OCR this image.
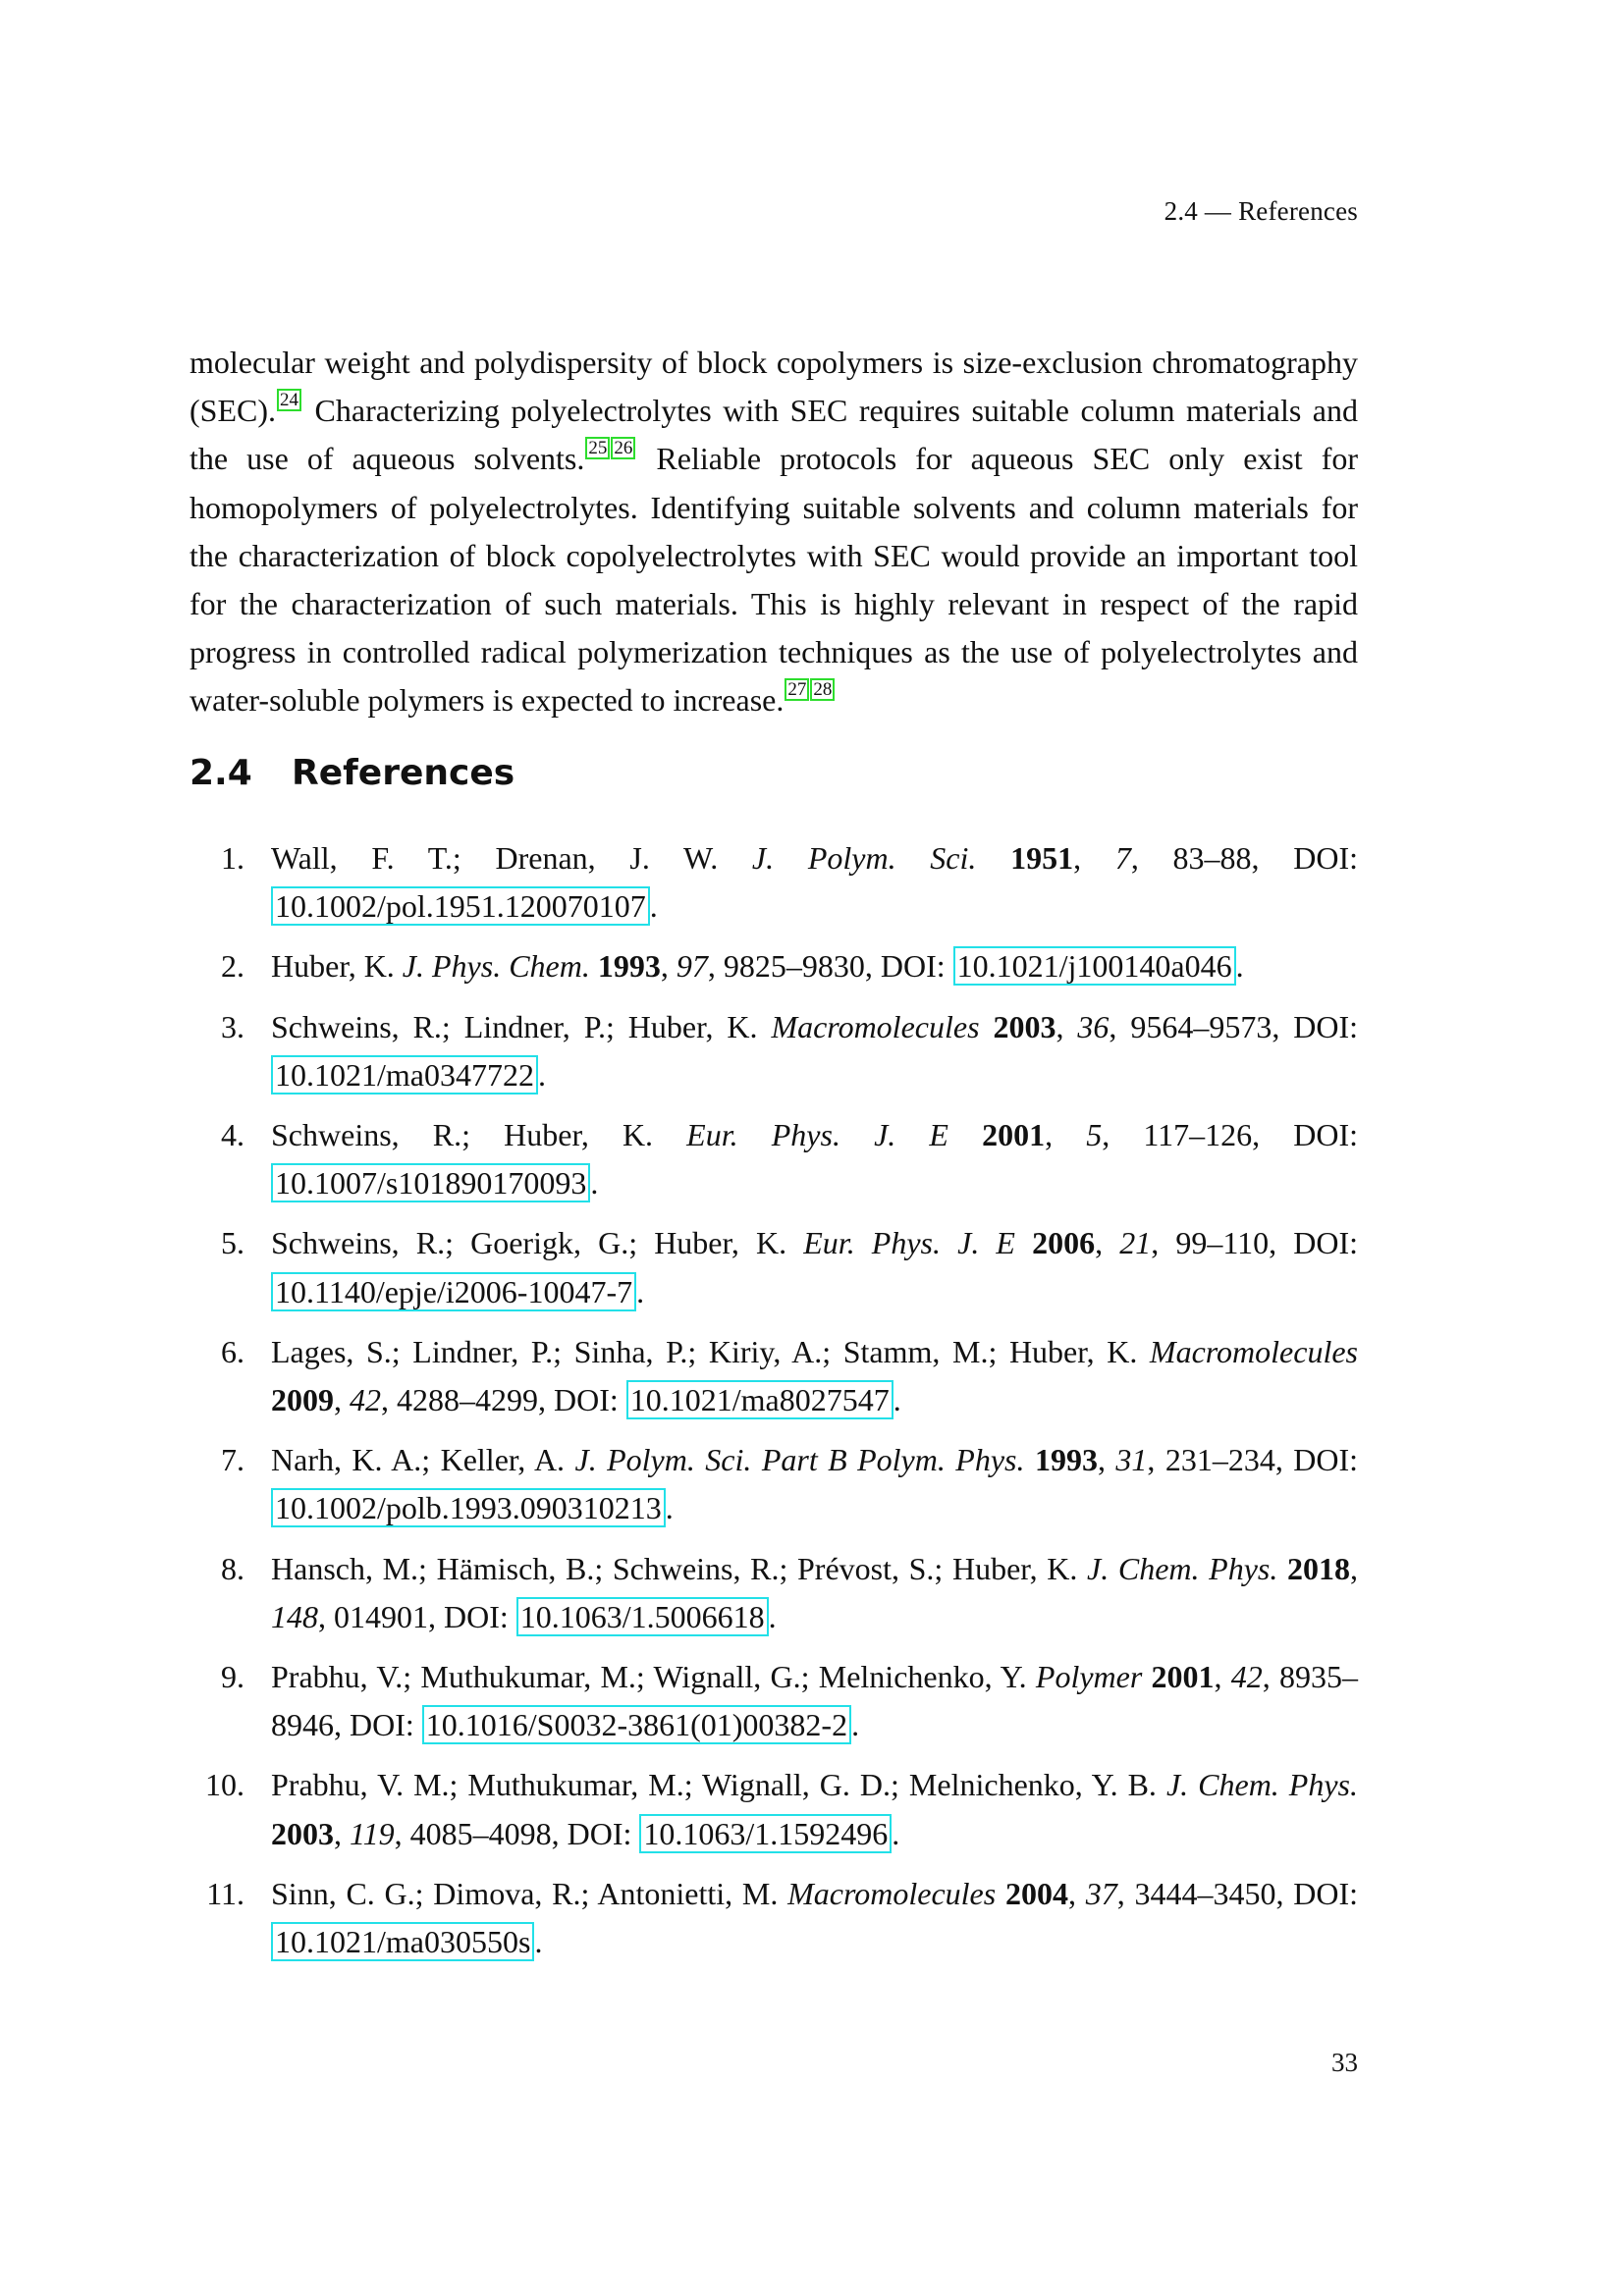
2.4 — References

molecular weight and polydispersity of block copolymers is size-exclusion chromatography (SEC). 24 Characterizing polyelectrolytes with SEC requires suitable column materials and the use of aqueous solvents. 25 26 Reliable protocols for aqueous SEC only exist for homopolymers of polyelectrolytes. Identifying suitable solvents and column materials for the characterization of block copolyelectrolytes with SEC would provide an important tool for the characterization of such materials. This is highly relevant in respect of the rapid progress in controlled radical polymerization techniques as the use of polyelectrolytes and water-soluble polymers is expected to increase. 27 28

2.4 References
1. Wall, F. T.; Drenan, J. W. J. Polym. Sci. 1951, 7, 83–88, DOI: 10.1002/pol.1951.120070107 .
2. Huber, K. J. Phys. Chem. 1993, 97, 9825–9830, DOI: 10.1021/j100140a046 .
3. Schweins, R.; Lindner, P.; Huber, K. Macromolecules 2003, 36, 9564–9573, DOI: 10.1021/ma0347722 .
4. Schweins, R.; Huber, K. Eur. Phys. J. E 2001, 5, 117–126, DOI: 10.1007/s101890170093 .
5. Schweins, R.; Goerigk, G.; Huber, K. Eur. Phys. J. E 2006, 21, 99–110, DOI: 10.1140/epje/i2006-10047-7 .
6. Lages, S.; Lindner, P.; Sinha, P.; Kiriy, A.; Stamm, M.; Huber, K. Macromolecules 2009, 42, 4288–4299, DOI: 10.1021/ma8027547 .
7. Narh, K. A.; Keller, A. J. Polym. Sci. Part B Polym. Phys. 1993, 31, 231–234, DOI: 10.1002/polb.1993.090310213 .
8. Hansch, M.; Hämisch, B.; Schweins, R.; Prévost, S.; Huber, K. J. Chem. Phys. 2018, 148, 014901, DOI: 10.1063/1.5006618 .
9. Prabhu, V.; Muthukumar, M.; Wignall, G.; Melnichenko, Y. Polymer 2001, 42, 8935–8946, DOI: 10.1016/S0032-3861(01)00382-2 .
10. Prabhu, V. M.; Muthukumar, M.; Wignall, G. D.; Melnichenko, Y. B. J. Chem. Phys. 2003, 119, 4085–4098, DOI: 10.1063/1.1592496 .
11. Sinn, C. G.; Dimova, R.; Antonietti, M. Macromolecules 2004, 37, 3444–3450, DOI: 10.1021/ma030550s .
33
